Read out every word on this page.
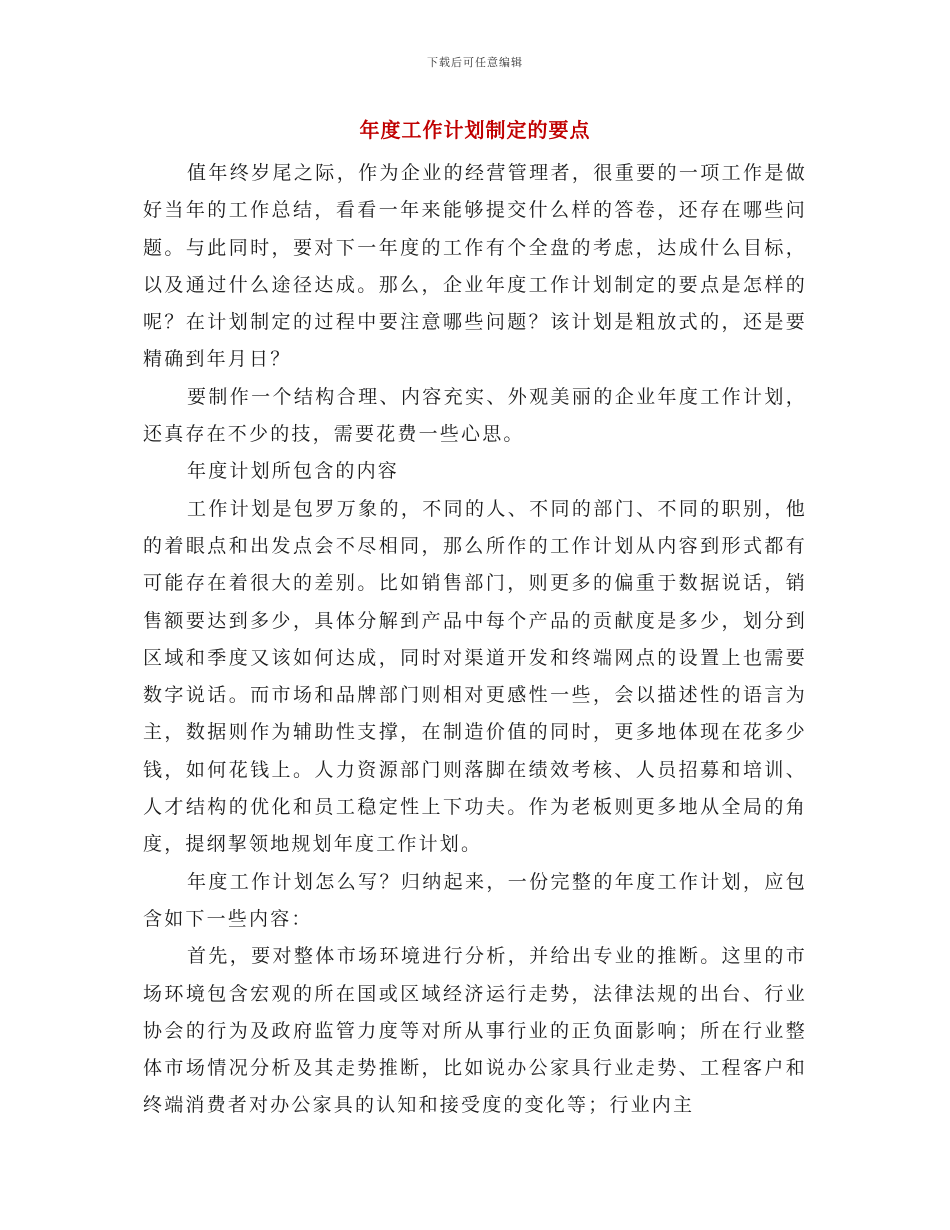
下载后可任意编辑
年度工作计划制定的要点

值年终岁尾之际，作为企业的经营管理者，很重要的一项工作是做好当年的工作总结，看看一年来能够提交什么样的答卷，还存在哪些问题。与此同时，要对下一年度的工作有个全盘的考虑，达成什么目标，以及通过什么途径达成。那么，企业年度工作计划制定的要点是怎样的呢？在计划制定的过程中要注意哪些问题？该计划是粗放式的，还是要精确到年月日？

要制作一个结构合理、内容充实、外观美丽的企业年度工作计划，还真存在不少的技，需要花费一些心思。

年度计划所包含的内容

工作计划是包罗万象的，不同的人、不同的部门、不同的职别，他的着眼点和出发点会不尽相同，那么所作的工作计划从内容到形式都有可能存在着很大的差别。比如销售部门，则更多的偏重于数据说话，销售额要达到多少，具体分解到产品中每个产品的贡献度是多少，划分到区域和季度又该如何达成，同时对渠道开发和终端网点的设置上也需要数字说话。而市场和品牌部门则相对更感性一些，会以描述性的语言为主，数据则作为辅助性支撑，在制造价值的同时，更多地体现在花多少钱，如何花钱上。人力资源部门则落脚在绩效考核、人员招募和培训、人才结构的优化和员工稳定性上下功夫。作为老板则更多地从全局的角度，提纲挈领地规划年度工作计划。

年度工作计划怎么写？归纳起来，一份完整的年度工作计划，应包含如下一些内容：

首先，要对整体市场环境进行分析，并给出专业的推断。这里的市场环境包含宏观的所在国或区域经济运行走势，法律法规的出台、行业协会的行为及政府监管力度等对所从事行业的正负面影响；所在行业整体市场情况分析及其走势推断，比如说办公家具行业走势、工程客户和终端消费者对办公家具的认知和接受度的变化等；行业内主
